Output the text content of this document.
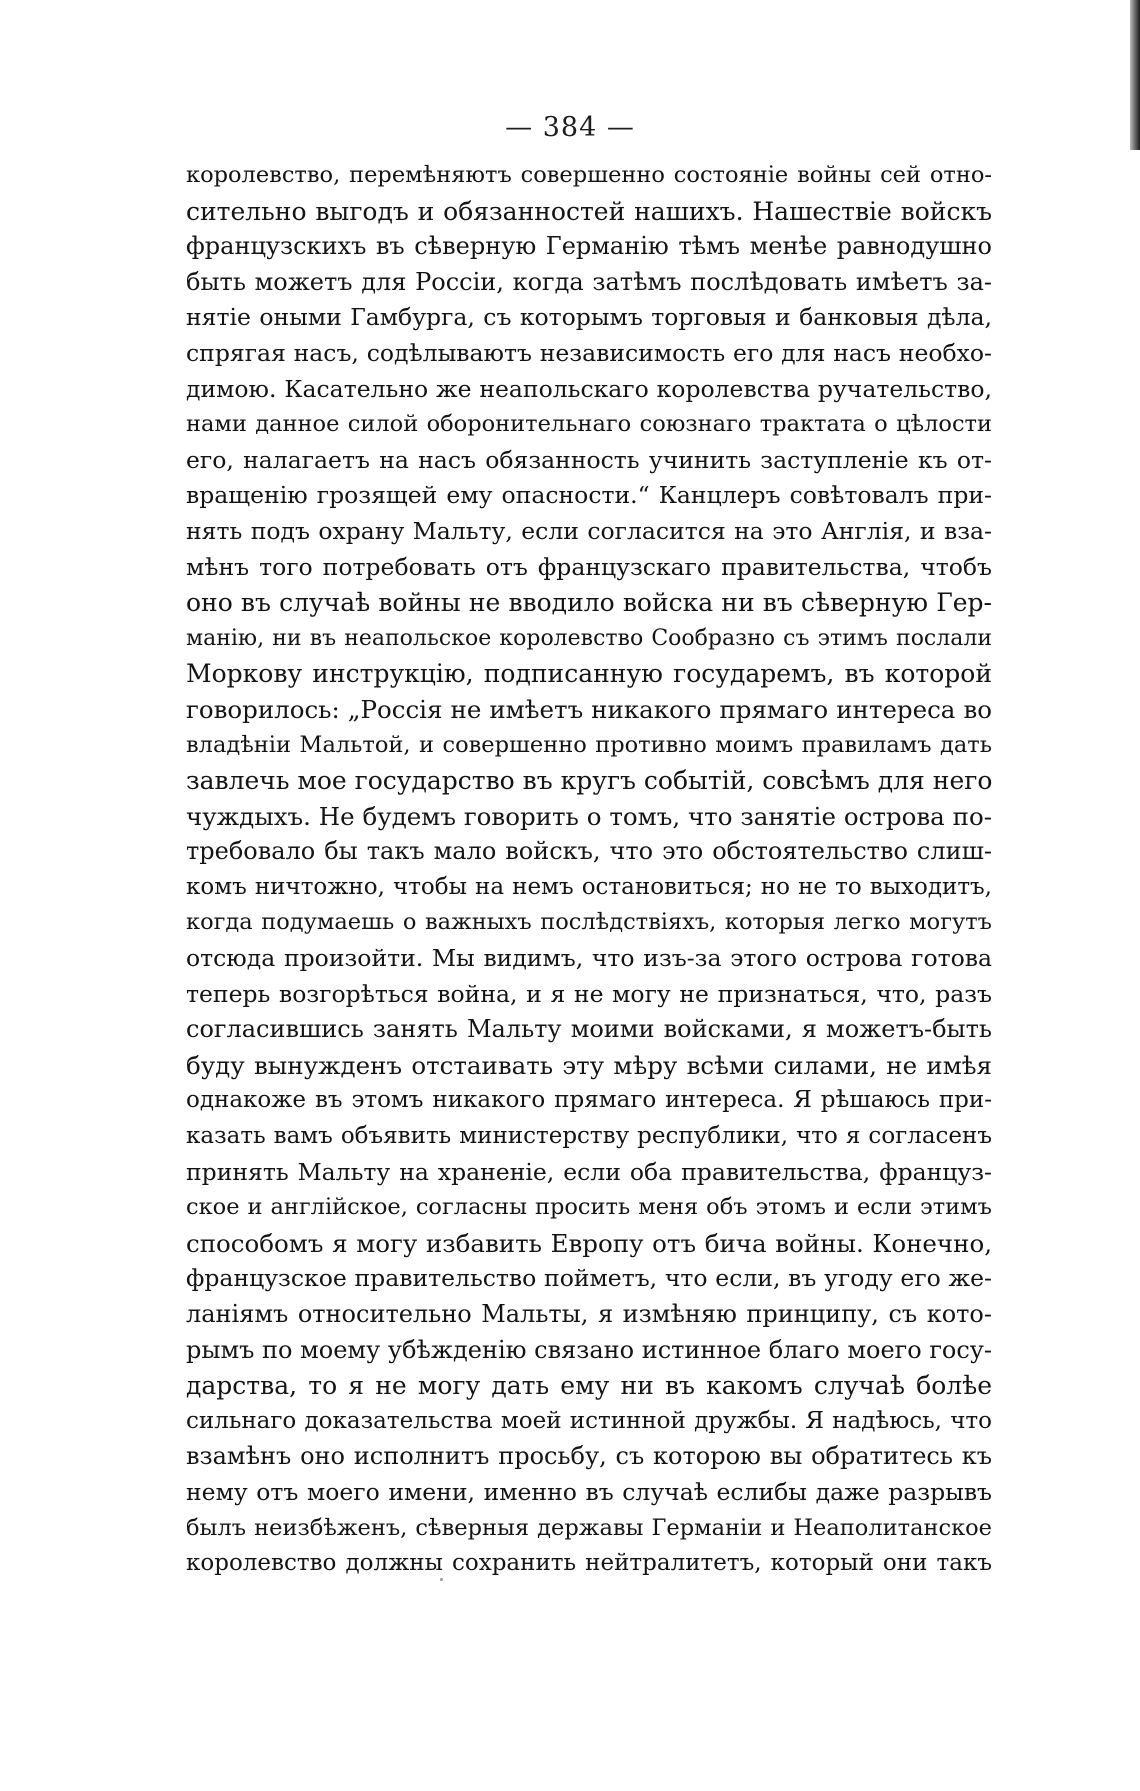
— 384 —
королевство, перемѣняютъ совершенно состоянiе войны сей отно-
сительно выгодъ и обязанностей нашихъ. Нашествiе войскъ
французскихъ въ сѣверную Германiю тѣмъ менѣе равнодушно
быть можетъ для Россiи, когда затѣмъ послѣдовать имѣетъ за-
нятiе оными Гамбурга, съ которымъ торговыя и банковыя дѣла,
спрягая насъ, содѣлываютъ независимость его для насъ необхо-
димою. Касательно же неапольскаго королевства ручательство,
нами данное силой оборонительнаго союзнаго трактата о цѣлости
его, налагаетъ на насъ обязанность учинить заступленiе къ от-
вращенiю грозящей ему опасности.“ Канцлеръ совѣтовалъ при-
нять подъ охрану Мальту, если согласится на это Англiя, и вза-
мѣнъ того потребовать отъ французскаго правительства, чтобъ
оно въ случаѣ войны не вводило войска ни въ сѣверную Гер-
манiю, ни въ неапольское королевство Сообразно съ этимъ послали
Моркову инструкцiю, подписанную государемъ, въ которой
говорилось: „Россiя не имѣетъ никакого прямаго интереса во
владѣнiи Мальтой, и совершенно противно моимъ правиламъ дать
завлечь мое государство въ кругъ событiй, совсѣмъ для него
чуждыхъ. Не будемъ говорить о томъ, что занятiе острова по-
требовало бы такъ мало войскъ, что это обстоятельство слиш-
комъ ничтожно, чтобы на немъ остановиться; но не то выходитъ,
когда подумаешь о важныхъ послѣдствiяхъ, которыя легко могутъ
отсюда произойти. Мы видимъ, что изъ-за этого острова готова
теперь возгорѣться война, и я не могу не признаться, что, разъ
согласившись занять Мальту моими войсками, я можетъ-быть
буду вынужденъ отстаивать эту мѣру всѣми силами, не имѣя
однакоже въ этомъ никакого прямаго интереса. Я рѣшаюсь при-
казать вамъ объявить министерству республики, что я согласенъ
принять Мальту на храненiе, если оба правительства, француз-
ское и англiйское, согласны просить меня объ этомъ и если этимъ
способомъ я могу избавить Европу отъ бича войны. Конечно,
французское правительство пойметъ, что если, въ угоду его же-
ланiямъ относительно Мальты, я измѣняю принципу, съ кото-
рымъ по моему убѣжденiю связано истинное благо моего госу-
дарства, то я не могу дать ему ни въ какомъ случаѣ болѣе
сильнаго доказательства моей истинной дружбы. Я надѣюсь, что
взамѣнъ оно исполнитъ просьбу, съ которою вы обратитесь къ
нему отъ моего имени, именно въ случаѣ еслибы даже разрывъ
былъ неизбѣженъ, сѣверныя державы Германiи и Неаполитанское
королевство должны сохранить нейтралитетъ, который они такъ
